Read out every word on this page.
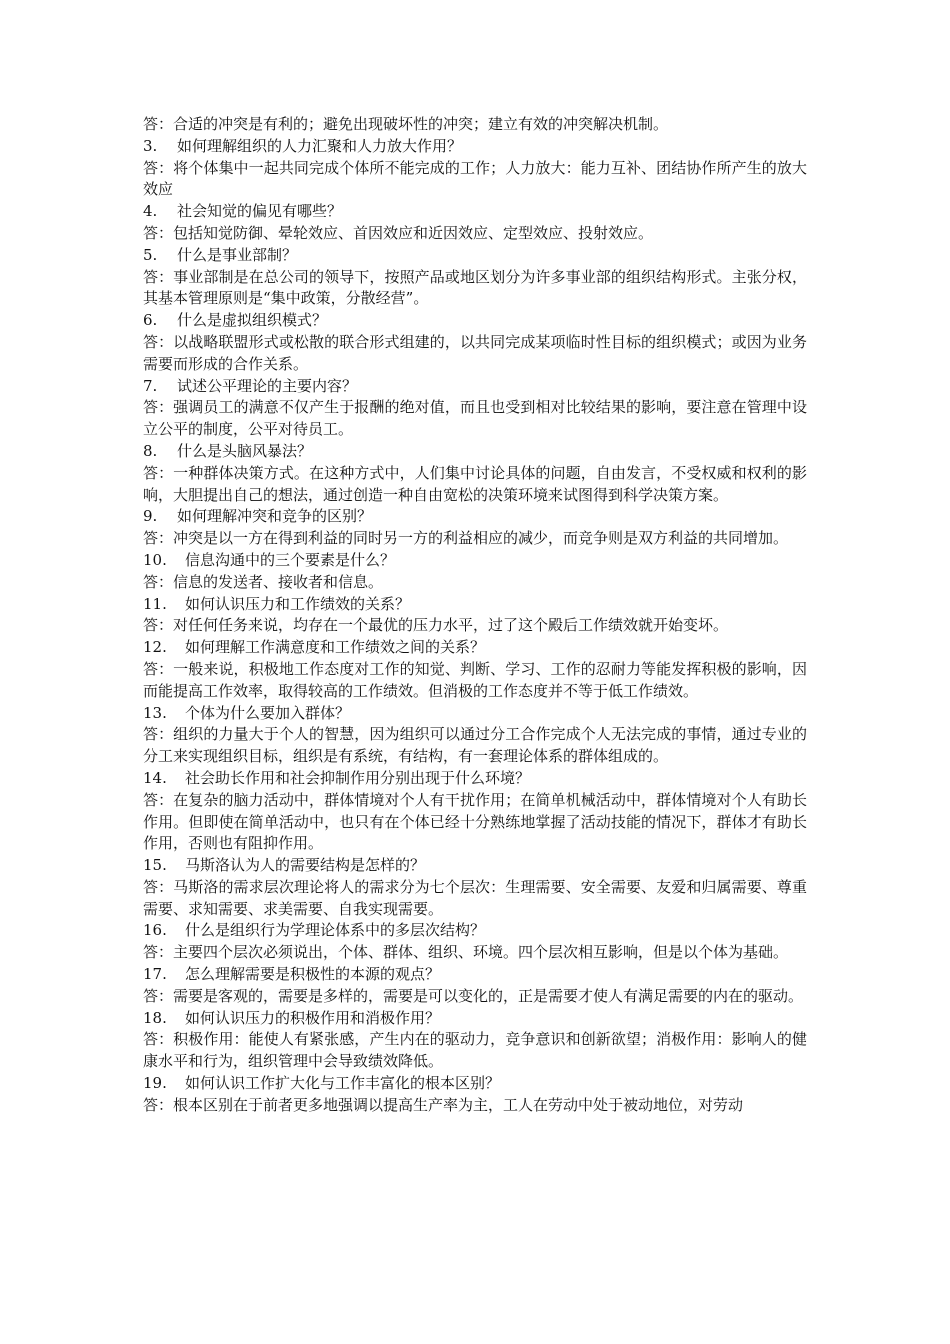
答：合适的冲突是有利的；避免出现破坏性的冲突；建立有效的冲突解决机制。

3. 如何理解组织的人力汇聚和人力放大作用？

答：将个体集中一起共同完成个体所不能完成的工作；人力放大：能力互补、团结协作所产生的放大效应

4. 社会知觉的偏见有哪些？

答：包括知觉防御、晕轮效应、首因效应和近因效应、定型效应、投射效应。

5. 什么是事业部制？

答：事业部制是在总公司的领导下，按照产品或地区划分为许多事业部的组织结构形式。主张分权，其基本管理原则是“集中政策，分散经营”。

6. 什么是虚拟组织模式？

答：以战略联盟形式或松散的联合形式组建的，以共同完成某项临时性目标的组织模式；或因为业务需要而形成的合作关系。

7. 试述公平理论的主要内容？

答：强调员工的满意不仅产生于报酬的绝对值，而且也受到相对比较结果的影响，要注意在管理中设立公平的制度，公平对待员工。

8. 什么是头脑风暴法？

答：一种群体决策方式。在这种方式中，人们集中讨论具体的问题，自由发言，不受权威和权利的影响，大胆提出自己的想法，通过创造一种自由宽松的决策环境来试图得到科学决策方案。

9. 如何理解冲突和竞争的区别？

答：冲突是以一方在得到利益的同时另一方的利益相应的减少，而竞争则是双方利益的共同增加。

10. 信息沟通中的三个要素是什么？

答：信息的发送者、接收者和信息。

11. 如何认识压力和工作绩效的关系？

答：对任何任务来说，均存在一个最优的压力水平，过了这个殿后工作绩效就开始变坏。

12. 如何理解工作满意度和工作绩效之间的关系？

答：一般来说，积极地工作态度对工作的知觉、判断、学习、工作的忍耐力等能发挥积极的影响，因而能提高工作效率，取得较高的工作绩效。但消极的工作态度并不等于低工作绩效。

13. 个体为什么要加入群体？

答：组织的力量大于个人的智慧，因为组织可以通过分工合作完成个人无法完成的事情，通过专业的分工来实现组织目标，组织是有系统，有结构，有一套理论体系的群体组成的。

14. 社会助长作用和社会抑制作用分别出现于什么环境？

答：在复杂的脑力活动中，群体情境对个人有干扰作用；在简单机械活动中，群体情境对个人有助长作用。但即使在简单活动中，也只有在个体已经十分熟练地掌握了活动技能的情况下，群体才有助长作用，否则也有阻抑作用。

15. 马斯洛认为人的需要结构是怎样的？

答：马斯洛的需求层次理论将人的需求分为七个层次：生理需要、安全需要、友爱和归属需要、尊重需要、求知需要、求美需要、自我实现需要。

16. 什么是组织行为学理论体系中的多层次结构？

答：主要四个层次必须说出，个体、群体、组织、环境。四个层次相互影响，但是以个体为基础。

17. 怎么理解需要是积极性的本源的观点？

答：需要是客观的，需要是多样的，需要是可以变化的，正是需要才使人有满足需要的内在的驱动。

18. 如何认识压力的积极作用和消极作用？

答：积极作用：能使人有紧张感，产生内在的驱动力，竞争意识和创新欲望；消极作用：影响人的健康水平和行为，组织管理中会导致绩效降低。

19. 如何认识工作扩大化与工作丰富化的根本区别？

答：根本区别在于前者更多地强调以提高生产率为主，工人在劳动中处于被动地位，对劳动
